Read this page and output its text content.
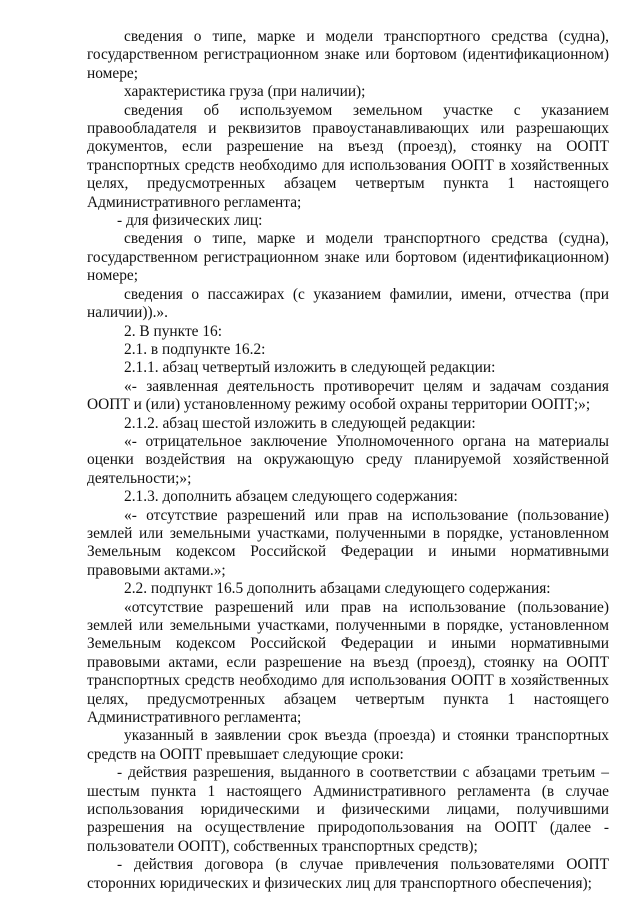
сведения о типе, марке и модели транспортного средства (судна), государственном регистрационном знаке или бортовом (идентификационном) номере;

характеристика груза (при наличии);

сведения об используемом земельном участке с указанием правообладателя и реквизитов правоустанавливающих или разрешающих документов, если разрешение на въезд (проезд), стоянку на ООПТ транспортных средств необходимо для использования ООПТ в хозяйственных целях, предусмотренных абзацем четвертым пункта 1 настоящего Административного регламента;

- для физических лиц:

сведения о типе, марке и модели транспортного средства (судна), государственном регистрационном знаке или бортовом (идентификационном) номере;

сведения о пассажирах (с указанием фамилии, имени, отчества (при наличии)).».

2. В пункте 16:

2.1. в подпункте 16.2:

2.1.1. абзац четвертый изложить в следующей редакции:

«- заявленная деятельность противоречит целям и задачам создания ООПТ и (или) установленному режиму особой охраны территории ООПТ;»;

2.1.2. абзац шестой изложить в следующей редакции:

«- отрицательное заключение Уполномоченного органа на материалы оценки воздействия на окружающую среду планируемой хозяйственной деятельности;»;

2.1.3. дополнить абзацем следующего содержания:

«- отсутствие разрешений или прав на использование (пользование) землей или земельными участками, полученными в порядке, установленном Земельным кодексом Российской Федерации и иными нормативными правовыми актами.»;

2.2. подпункт 16.5 дополнить абзацами следующего содержания:

«отсутствие разрешений или прав на использование (пользование) землей или земельными участками, полученными в порядке, установленном Земельным кодексом Российской Федерации и иными нормативными правовыми актами, если разрешение на въезд (проезд), стоянку на ООПТ транспортных средств необходимо для использования ООПТ в хозяйственных целях, предусмотренных абзацем четвертым пункта 1 настоящего Административного регламента;

указанный в заявлении срок въезда (проезда) и стоянки транспортных средств на ООПТ превышает следующие сроки:

- действия разрешения, выданного в соответствии с абзацами третьим – шестым пункта 1 настоящего Административного регламента (в случае использования юридическими и физическими лицами, получившими разрешения на осуществление природопользования на ООПТ (далее - пользователи ООПТ), собственных транспортных средств);

- действия договора (в случае привлечения пользователями ООПТ сторонних юридических и физических лиц для транспортного обеспечения);
